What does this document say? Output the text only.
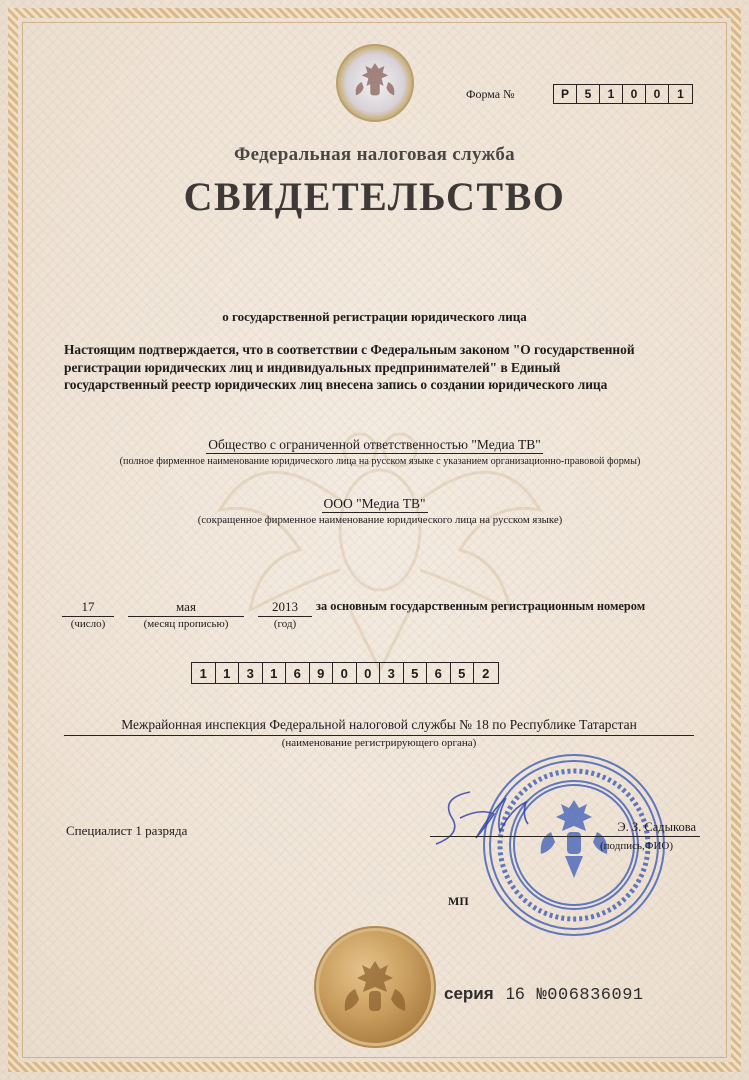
Форма №	Р	5	1	0	0	1
Федеральная налоговая служба
СВИДЕТЕЛЬСТВО
о государственной регистрации юридического лица
Настоящим подтверждается, что в соответствии с Федеральным законом "О государственной регистрации юридических лиц и индивидуальных предпринимателей" в Единый государственный реестр юридических лиц внесена запись о создании юридического лица
Общество с ограниченной ответственностью "Медиа ТВ"
(полное фирменное наименование юридического лица на русском языке с указанием организационно-правовой формы)
ООО "Медиа ТВ"
(сокращенное фирменное наименование юридического лица на русском языке)
17
(число)
мая
(месяц прописью)
2013
(год)
за основным государственным регистрационным номером
1	1	3	1	6	9	0	0	3	5	6	5	2
Межрайонная инспекция Федеральной налоговой службы № 18 по Республике Татарстан
(наименование регистрирующего органа)
Специалист 1 разряда	Э. З. Садыкова
(подпись,ФИО)
МП
серия 16 №006836091
